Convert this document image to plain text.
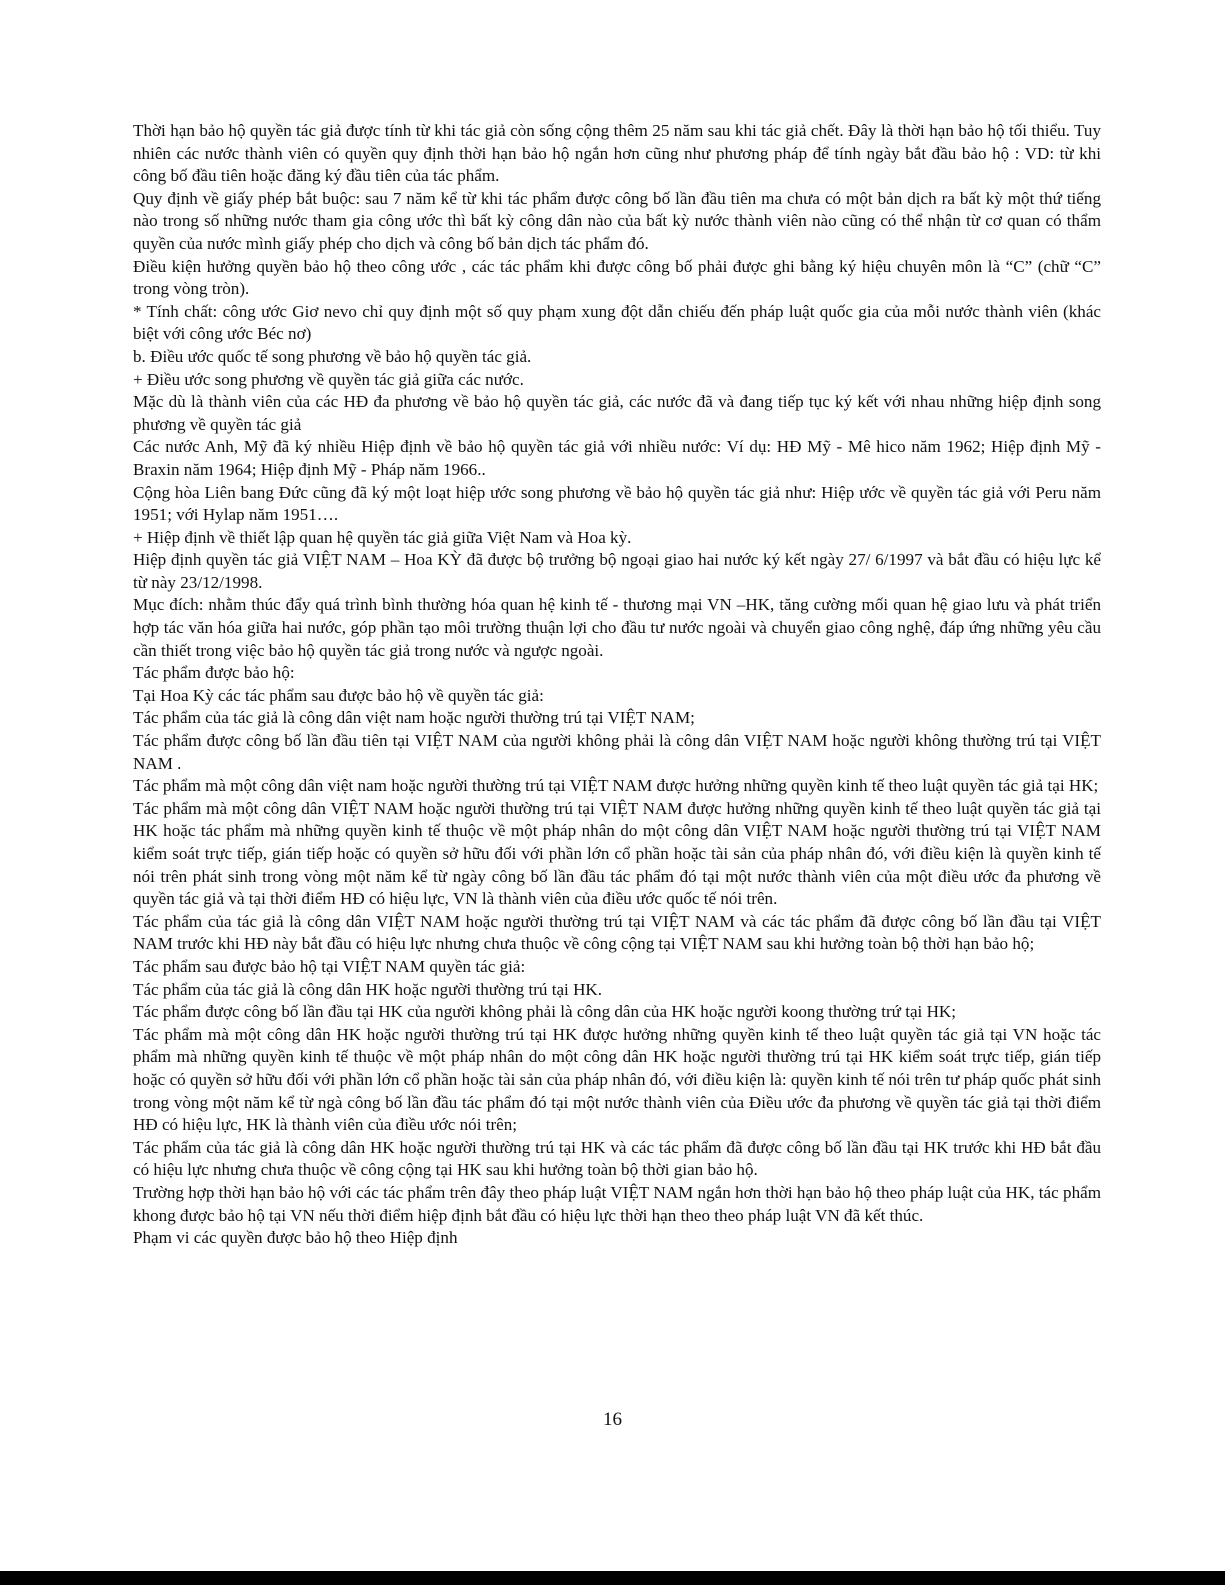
Thời hạn bảo hộ quyền tác giả được tính từ khi tác giả còn sống cộng thêm 25 năm sau khi tác giả chết. Đây là thời hạn bảo hộ tối thiểu. Tuy nhiên các nước thành viên có quyền quy định thời hạn bảo hộ ngắn hơn cũng như phương pháp để tính ngày bắt đầu bảo hộ : VD: từ khi công bố đầu tiên hoặc đăng ký đầu tiên của tác phẩm.

Quy định về giấy phép bắt buộc: sau 7 năm kể từ khi tác phẩm được công bố lần đầu tiên ma chưa có một bản dịch ra bất kỳ một thứ tiếng nào trong số những nước tham gia công ước thì bất kỳ công dân nào của bất kỳ nước thành viên nào cũng có thể nhận từ cơ quan có thẩm quyền của nước mình giấy phép cho dịch và công bố bản dịch tác phẩm đó.

Điều kiện hưởng quyền bảo hộ theo công ước , các tác phẩm khi được công bố phải được ghi bằng ký hiệu chuyên môn là “C” (chữ “C” trong vòng tròn).

* Tính chất: công ước Giơ nevo chỉ quy định một số quy phạm xung đột dẫn chiếu đến pháp luật quốc gia của mỗi nước thành viên (khác biệt với công ước Béc nơ)

b. Điều ước quốc tế song phương về bảo hộ quyền tác giả.

+ Điều ước song phương về quyền tác giả giữa các nước.

Mặc dù là thành viên của các HĐ đa phương về bảo hộ quyền tác giả, các nước đã và đang tiếp tục ký kết với nhau những hiệp định song phương về quyền tác giả

Các nước Anh, Mỹ đã ký nhiều Hiệp định về bảo hộ quyền tác giả với nhiều nước: Ví dụ: HĐ Mỹ - Mê hico năm 1962; Hiệp định Mỹ - Braxin năm 1964; Hiệp định Mỹ - Pháp năm 1966..

Cộng hòa Liên bang Đức cũng đã ký một loạt hiệp ước song phương về bảo hộ quyền tác giả như: Hiệp ước về quyền tác giả với Peru năm 1951; với Hylap năm 1951….

+ Hiệp định về thiết lập quan hệ quyền tác giả giữa Việt Nam và Hoa kỳ.

Hiệp định quyền tác giả VIỆT NAM – Hoa KỲ đã được bộ trưởng bộ ngoại giao hai nước ký kết ngày 27/ 6/1997 và bắt đầu có hiệu lực kể từ này 23/12/1998.

Mục đích: nhằm thúc đẩy quá trình bình thường hóa quan hệ kinh tế - thương mại VN –HK, tăng cường mối quan hệ giao lưu và phát triển hợp tác văn hóa giữa hai nước, góp phần tạo môi trường thuận lợi cho đầu tư nước ngoài và chuyển giao công nghệ, đáp ứng những yêu cầu cần thiết trong việc bảo hộ quyền tác giả trong nước và ngược ngoài.

Tác phẩm được bảo hộ:

Tại Hoa Kỳ các tác phẩm sau được bảo hộ về quyền tác giả:

Tác phẩm của tác giả là công dân việt nam hoặc người thường trú tại VIỆT NAM;

Tác phẩm được công bố lần đầu tiên tại VIỆT NAM của người không phải là công dân VIỆT NAM hoặc người không thường trú tại VIỆT NAM .

Tác phẩm mà một công dân việt nam hoặc người thường trú tại VIỆT NAM được hưởng những quyền kinh tế theo luật quyền tác giả tại HK;

Tác phẩm mà một công dân VIỆT NAM hoặc người thường trú tại VIỆT NAM được hưởng những quyền kinh tế theo luật quyền tác giả tại HK hoặc tác phẩm mà những quyền kinh tế thuộc về một pháp nhân do một công dân VIỆT NAM hoặc người thường trú tại VIỆT NAM kiểm soát trực tiếp, gián tiếp hoặc có quyền sở hữu đối với phần lớn cổ phần hoặc tài sản của pháp nhân đó, với điều kiện là quyền kinh tế nói trên phát sinh trong vòng một năm kể từ ngày công bố lần đầu tác phẩm đó tại một nước thành viên của một điều ước đa phương về quyền tác giả và tại thời điểm HĐ có hiệu lực, VN là thành viên của điều ước quốc tế nói trên.

Tác phẩm của tác giả là công dân VIỆT NAM hoặc người thường trú tại VIỆT NAM và các tác phẩm đã được công bố lần đầu tại VIỆT NAM trước khi HĐ này bắt đầu có hiệu lực nhưng chưa thuộc về công cộng tại VIỆT NAM sau khi hưởng toàn bộ thời hạn bảo hộ;

Tác phẩm sau được bảo hộ tại VIỆT NAM quyền tác giả:

Tác phẩm của tác giả là công dân HK hoặc người thường trú tại HK.

Tác phẩm được công bố lần đầu tại HK của người không phải là công dân của HK hoặc người koong thường trứ tại HK;

Tác phẩm mà một công dân HK hoặc người thường trú tại HK được hưởng những quyền kinh tế theo luật quyền tác giả tại VN hoặc tác phẩm mà những quyền kinh tế thuộc về một pháp nhân do một công dân HK hoặc người thường trú tại HK kiểm soát trực tiếp, gián tiếp hoặc có quyền sở hữu đối với phần lớn cổ phần hoặc tài sản của pháp nhân đó, với điều kiện là: quyền kinh tế nói trên tư pháp quốc phát sinh trong vòng một năm kể từ ngà công bố lần đầu tác phẩm đó tại một nước thành viên của Điều ước đa phương về quyền tác giả tại thời điểm HĐ có hiệu lực, HK là thành viên của điều ước nói trên;

Tác phẩm của tác giả là công dân HK hoặc người thường trú tại HK và các tác phẩm đã được công bố lần đầu tại HK trước khi HĐ bắt đầu có hiệu lực nhưng chưa thuộc về công cộng tại HK sau khi hưởng toàn bộ thời gian bảo hộ.

Trường hợp thời hạn bảo hộ với các tác phẩm trên đây theo pháp luật VIỆT NAM ngắn hơn thời hạn bảo hộ theo pháp luật của HK, tác phẩm khong được bảo hộ tại VN nếu thời điểm hiệp định bắt đầu có hiệu lực thời hạn theo theo pháp luật VN đã kết thúc.

Phạm vi các quyền được bảo hộ theo Hiệp định

16
